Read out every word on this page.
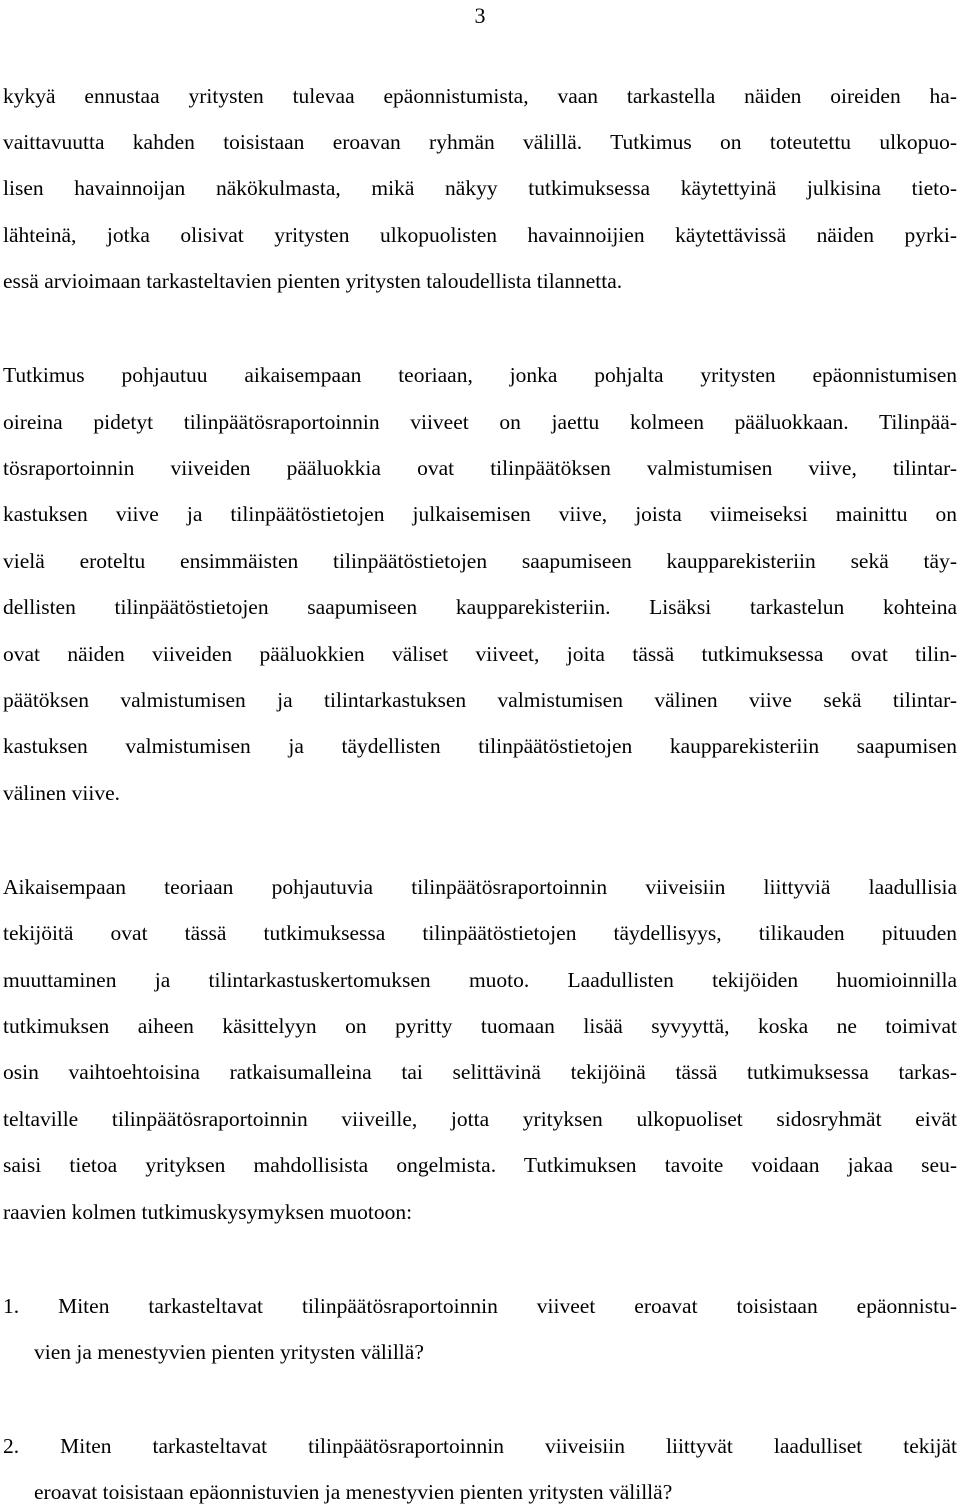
3
kykyä ennustaa yritysten tulevaa epäonnistumista, vaan tarkastella näiden oireiden ha-
vaittavuutta kahden toisistaan eroavan ryhmän välillä. Tutkimus on toteutettu ulkopuo-
lisen havainnoijan näkökulmasta, mikä näkyy tutkimuksessa käytettyinä julkisina tieto-
lähteinä, jotka olisivat yritysten ulkopuolisten havainnoijien käytettävissä näiden pyrki-
essä arvioimaan tarkasteltavien pienten yritysten taloudellista tilannetta.
Tutkimus pohjautuu aikaisempaan teoriaan, jonka pohjalta yritysten epäonnistumisen
oireina pidetyt tilinpäätösraportoinnin viiveet on jaettu kolmeen pääluokkaan. Tilinpää-
tösraportoinnin viiveiden pääluokkia ovat tilinpäätöksen valmistumisen viive, tilintar-
kastuksen viive ja tilinpäätöstietojen julkaisemisen viive, joista viimeiseksi mainittu on
vielä eroteltu ensimmäisten tilinpäätöstietojen saapumiseen kaupparekisteriin sekä täy-
dellisten tilinpäätöstietojen saapumiseen kaupparekisteriin. Lisäksi tarkastelun kohteina
ovat näiden viiveiden pääluokkien väliset viiveet, joita tässä tutkimuksessa ovat tilin-
päätöksen valmistumisen ja tilintarkastuksen valmistumisen välinen viive sekä tilintar-
kastuksen valmistumisen ja täydellisten tilinpäätöstietojen kaupparekisteriin saapumisen
välinen viive.
Aikaisempaan teoriaan pohjautuvia tilinpäätösraportoinnin viiveisiin liittyviä laadullisia
tekijöitä ovat tässä tutkimuksessa tilinpäätöstietojen täydellisyys, tilikauden pituuden
muuttaminen ja tilintarkastuskertomuksen muoto. Laadullisten tekijöiden huomioinnilla
tutkimuksen aiheen käsittelyyn on pyritty tuomaan lisää syvyyttä, koska ne toimivat
osin vaihtoehtoisina ratkaisumalleina tai selittävinä tekijöinä tässä tutkimuksessa tarkas-
teltaville tilinpäätösraportoinnin viiveille, jotta yrityksen ulkopuoliset sidosryhmät eivät
saisi tietoa yrityksen mahdollisista ongelmista. Tutkimuksen tavoite voidaan jakaa seu-
raavien kolmen tutkimuskysymyksen muotoon:
1. Miten tarkasteltavat tilinpäätösraportoinnin viiveet eroavat toisistaan epäonnistu-
vien ja menestyvien pienten yritysten välillä?
2. Miten tarkasteltavat tilinpäätösraportoinnin viiveisiin liittyvät laadulliset tekijät
eroavat toisistaan epäonnistuvien ja menestyvien pienten yritysten välillä?
